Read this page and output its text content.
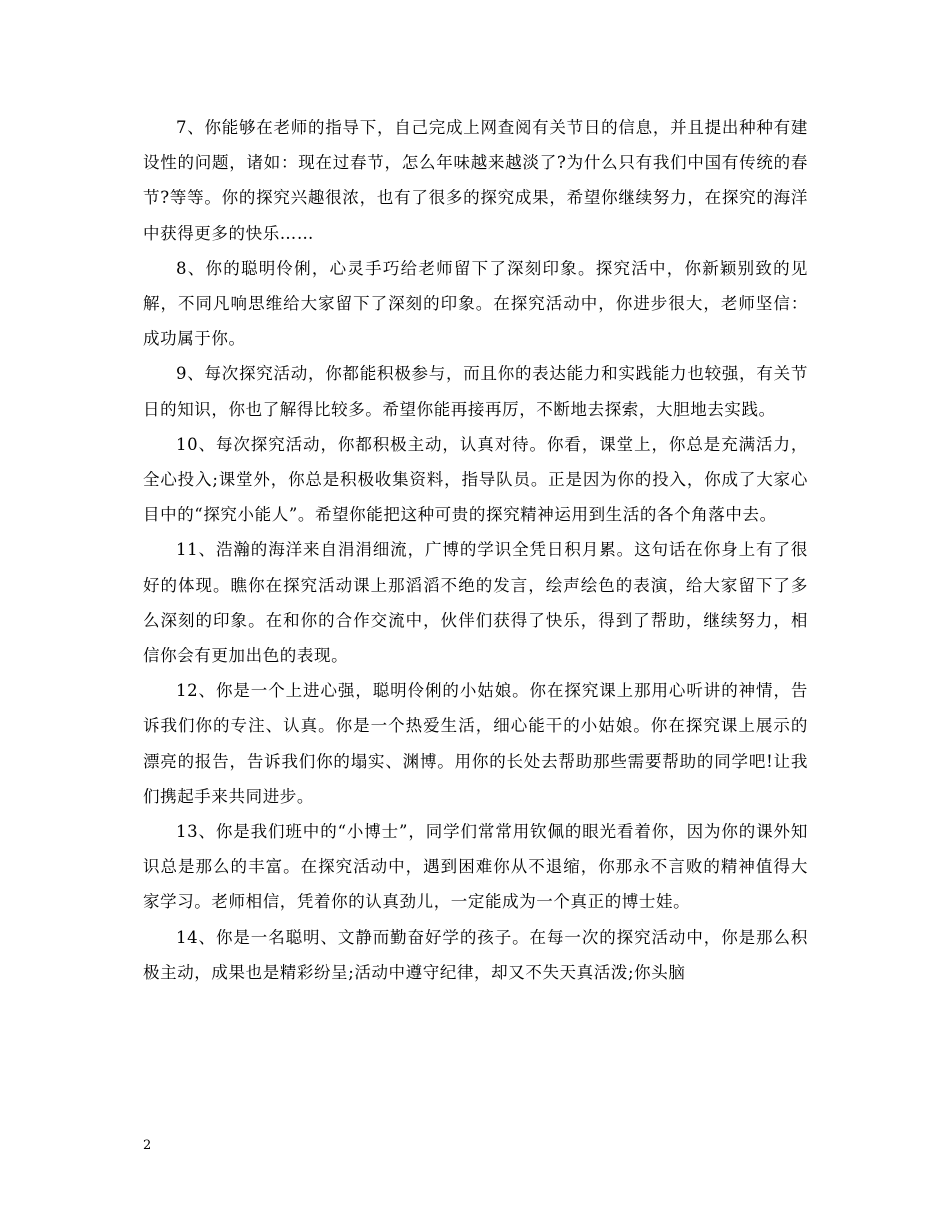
7、你能够在老师的指导下，自己完成上网查阅有关节日的信息，并且提出种种有建设性的问题，诸如：现在过春节，怎么年味越来越淡了?为什么只有我们中国有传统的春节?等等。你的探究兴趣很浓，也有了很多的探究成果，希望你继续努力，在探究的海洋中获得更多的快乐……

8、你的聪明伶俐，心灵手巧给老师留下了深刻印象。探究活中，你新颖别致的见解，不同凡响思维给大家留下了深刻的印象。在探究活动中，你进步很大，老师坚信：成功属于你。

9、每次探究活动，你都能积极参与，而且你的表达能力和实践能力也较强，有关节日的知识，你也了解得比较多。希望你能再接再厉，不断地去探索，大胆地去实践。

10、每次探究活动，你都积极主动，认真对待。你看，课堂上，你总是充满活力，全心投入;课堂外，你总是积极收集资料，指导队员。正是因为你的投入，你成了大家心目中的“探究小能人”。希望你能把这种可贵的探究精神运用到生活的各个角落中去。

11、浩瀚的海洋来自涓涓细流，广博的学识全凭日积月累。这句话在你身上有了很好的体现。瞧你在探究活动课上那滔滔不绝的发言，绘声绘色的表演，给大家留下了多么深刻的印象。在和你的合作交流中，伙伴们获得了快乐，得到了帮助，继续努力，相信你会有更加出色的表现。

12、你是一个上进心强，聪明伶俐的小姑娘。你在探究课上那用心听讲的神情，告诉我们你的专注、认真。你是一个热爱生活，细心能干的小姑娘。你在探究课上展示的漂亮的报告，告诉我们你的塌实、渊博。用你的长处去帮助那些需要帮助的同学吧!让我们携起手来共同进步。

13、你是我们班中的“小博士”，同学们常常用钦佩的眼光看着你，因为你的课外知识总是那么的丰富。在探究活动中，遇到困难你从不退缩，你那永不言败的精神值得大家学习。老师相信，凭着你的认真劲儿，一定能成为一个真正的博士娃。

14、你是一名聪明、文静而勤奋好学的孩子。在每一次的探究活动中，你是那么积极主动，成果也是精彩纷呈;活动中遵守纪律，却又不失天真活泼;你头脑

2
